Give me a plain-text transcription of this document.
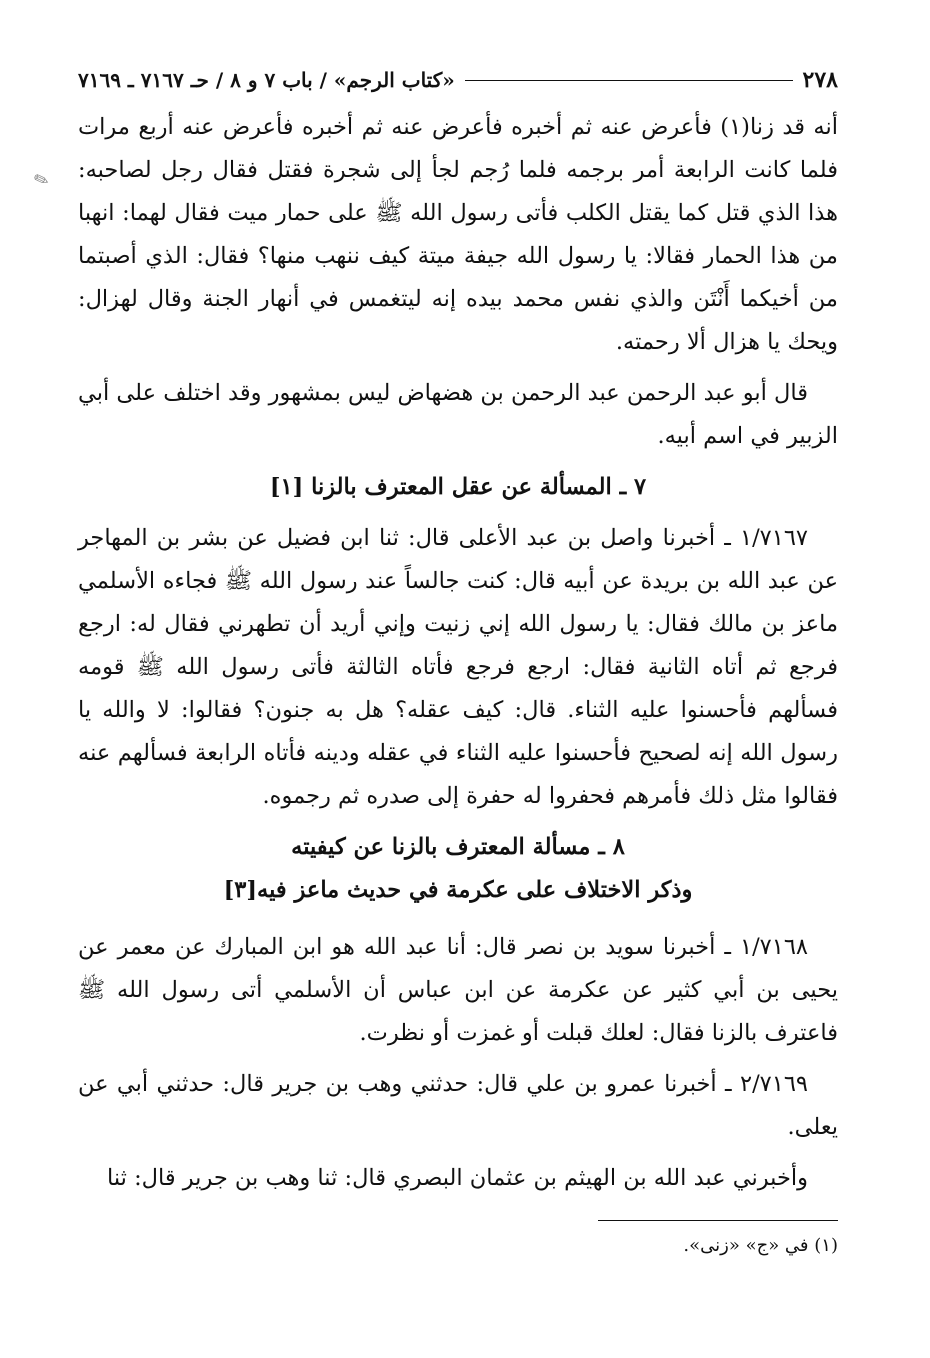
✎
٢٧٨
«كتاب الرجم» / باب ٧ و ٨ / حـ ٧١٦٧ ـ ٧١٦٩

أنه قد زنا(١) فأعرض عنه ثم أخبره فأعرض عنه ثم أخبره فأعرض عنه أربع مرات فلما كانت الرابعة أمر برجمه فلما رُجم لجأ إلى شجرة فقتل فقال رجل لصاحبه: هذا الذي قتل كما يقتل الكلب فأتى رسول الله ﷺ على حمار ميت فقال لهما: انهبا من هذا الحمار فقالا: يا رسول الله جيفة ميتة كيف ننهب منها؟ فقال: الذي أصبتما من أخيكما أَنْتَن والذي نفس محمد بيده إنه ليتغمس في أنهار الجنة وقال لهزال: ويحك يا هزال ألا رحمته.

قال أبو عبد الرحمن عبد الرحمن بن هضهاض ليس بمشهور وقد اختلف على أبي الزبير في اسم أبيه.

٧ ـ المسألة عن عقل المعترف بالزنا [١]

١/٧١٦٧ ـ أخبرنا واصل بن عبد الأعلى قال: ثنا ابن فضيل عن بشر بن المهاجر عن عبد الله بن بريدة عن أبيه قال: كنت جالساً عند رسول الله ﷺ فجاءه الأسلمي ماعز بن مالك فقال: يا رسول الله إني زنيت وإني أريد أن تطهرني فقال له: ارجع فرجع ثم أتاه الثانية فقال: ارجع فرجع فأتاه الثالثة فأتى رسول الله ﷺ قومه فسألهم فأحسنوا عليه الثناء. قال: كيف عقله؟ هل به جنون؟ فقالوا: لا والله يا رسول الله إنه لصحيح فأحسنوا عليه الثناء في عقله ودينه فأتاه الرابعة فسألهم عنه فقالوا مثل ذلك فأمرهم فحفروا له حفرة إلى صدره ثم رجموه.

٨ ـ مسألة المعترف بالزنا عن كيفيته

وذكر الاختلاف على عكرمة في حديث ماعز فيه[٣]

١/٧١٦٨ ـ أخبرنا سويد بن نصر قال: أنا عبد الله هو ابن المبارك عن معمر عن يحيى بن أبي كثير عن عكرمة عن ابن عباس أن الأسلمي أتى رسول الله ﷺ فاعترف بالزنا فقال: لعلك قبلت أو غمزت أو نظرت.

٢/٧١٦٩ ـ أخبرنا عمرو بن علي قال: حدثني وهب بن جرير قال: حدثني أبي عن يعلى.

وأخبرني عبد الله بن الهيثم بن عثمان البصري قال: ثنا وهب بن جرير قال: ثنا

(١) في «ج» «زنى».
